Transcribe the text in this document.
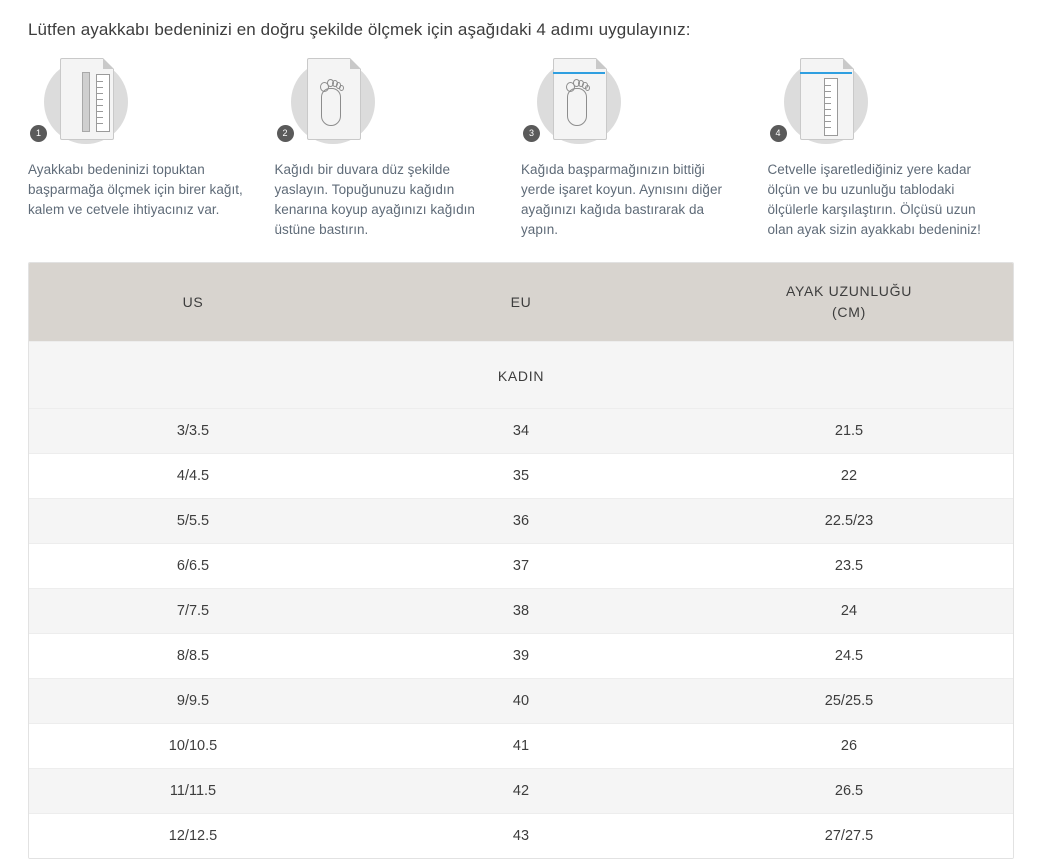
Lütfen ayakkabı bedeninizi en doğru şekilde ölçmek için aşağıdaki 4 adımı uygulayınız:
1
Ayakkabı bedeninizi topuktan başparmağa ölçmek için birer kağıt, kalem ve cetvele ihtiyacınız var.
2
Kağıdı bir duvara düz şekilde yaslayın. Topuğunuzu kağıdın kenarına koyup ayağınızı kağıdın üstüne bastırın.
3
Kağıda başparmağınızın bittiği yerde işaret koyun. Aynısını diğer ayağınızı kağıda bastırarak da yapın.
4
Cetvelle işaretlediğiniz yere kadar ölçün ve bu uzunluğu tablodaki ölçülerle karşılaştırın. Ölçüsü uzun olan ayak sizin ayakkabı bedeniniz!
KADIN		
US	EU	AYAK UZUNLUĞU
(CM)

3/3.5	34	21.5
4/4.5	35	22
5/5.5	36	22.5/23
6/6.5	37	23.5
7/7.5	38	24
8/8.5	39	24.5
9/9.5	40	25/25.5
10/10.5	41	26
11/11.5	42	26.5
12/12.5	43	27/27.5
